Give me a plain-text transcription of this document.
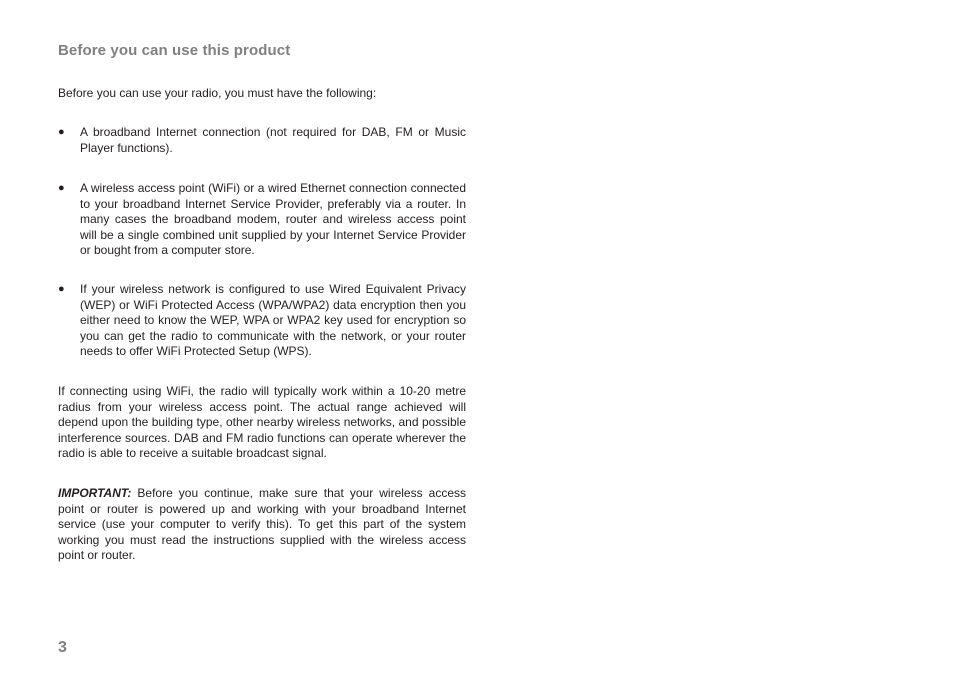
Before you can use this product
Before you can use your radio, you must have the following:
●	A broadband Internet connection (not required for DAB, FM or Music Player functions).
●	A wireless access point (WiFi) or a wired Ethernet connection connected to your broadband Internet Service Provider, preferably via a router. In many cases the broadband modem, router and wireless access point will be a single combined unit supplied by your Internet Service Provider or bought from a computer store.
●	If your wireless network is configured to use Wired Equivalent Privacy (WEP) or WiFi Protected Access (WPA/WPA2) data encryption then you either need to know the WEP, WPA or WPA2 key used for encryption so you can get the radio to communicate with the network, or your router needs to offer WiFi Protected Setup (WPS).
If connecting using WiFi, the radio will typically work within a 10-20 metre radius from your wireless access point. The actual range achieved will depend upon the building type, other nearby wireless networks, and possible interference sources. DAB and FM radio functions can operate wherever the radio is able to receive a suitable broadcast signal.
IMPORTANT: Before you continue, make sure that your wireless access point or router is powered up and working with your broadband Internet service (use your computer to verify this). To get this part of the system working you must read the instructions supplied with the wireless access point or router.
3
